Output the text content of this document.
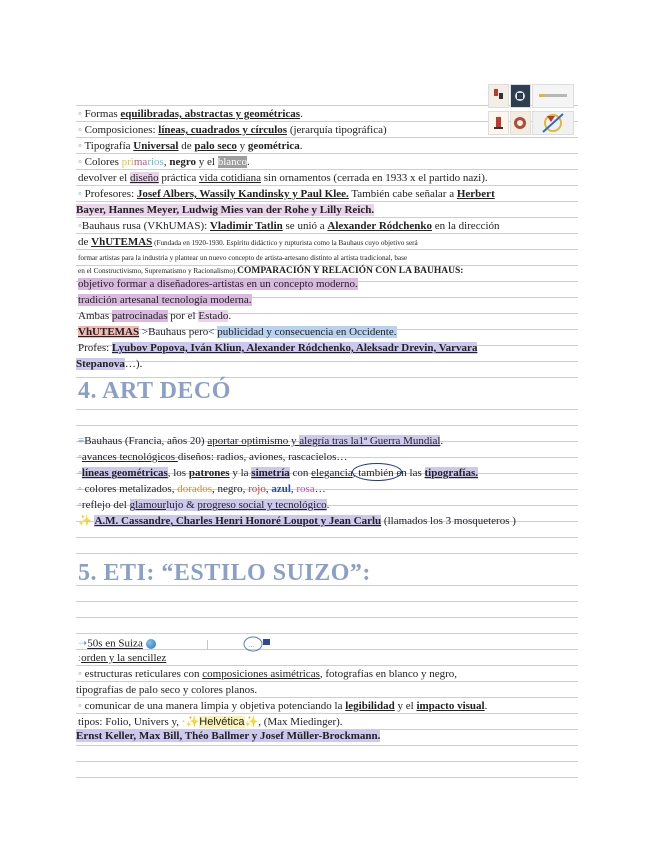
◦ Formas equilibradas, abstractas y geométricas.
◦ Composiciones: líneas, cuadrados y círculos (jerarquía tipográfica)
◦ Tipografía Universal de palo seco y geométrica.
◦ Colores primarios, negro y el blanco.
devolver el diseño práctica vida cotidiana sin ornamentos (cerrada en 1933 x el partido nazi).
◦ Profesores: Josef Albers, Wassily Kandinsky y Paul Klee. También cabe señalar a Herbert
Bayer, Hannes Meyer, Ludwig Mies van der Rohe y Lilly Reich.
◦Bauhaus rusa (VKhUMAS): Vladimir Tatlin se unió a Alexander Ródchenko en la dirección
de VhUTEMAS (Fundada en 1920-1930. Espíritu didáctico y rupturista como la Bauhaus cuyo objetivo será
formar artistas para la industria y plantear un nuevo concepto de artista-artesano distinto al artista tradicional, base
en el Constructivismo, Suprematismo y Racionalismo).COMPARACIÓN Y RELACIÓN CON LA BAUHAUS:
objetivo formar a diseñadores-artistas en un concepto moderno.
tradición artesanal tecnología moderna.
Ambas patrocinadas por el Estado.
VhUTEMAS >Bauhaus pero< publicidad y consecuencia en Occidente.
Profes: Lyubov Popova, Iván Kliun, Alexander Ródchenko, Aleksadr Drevin, Varvara
Stepanova…).
4. ART DECÓ
≡Bauhaus (Francia, años 20) aportar optimismo y alegría tras la1ª Guerra Mundial.
◦avances tecnológicos diseños: radios, aviones, rascacielos…
◦líneas geométricas, los patrones y la simetría con elegancia, también en las tipografías.
◦ colores metalizados, dorados, negro, rojo, azul, rosa…
◦reflejo del glamourlujo & progreso social y tecnológico.
✨ A.M. Cassandre, Charles Henri Honoré Loupot y Jean Carlu (llamados los 3 mosqueteros )
5. ETI: “ESTILO SUIZO”:
➝50s en Suiza	|	…
:orden y la sencillez
◦ estructuras reticulares con composiciones asimétricas, fotografías en blanco y negro,
tipografías de palo seco y colores planos.
◦ comunicar de una manera limpia y objetiva potenciando la legibilidad y el impacto visual.
tipos: Folio, Univers y, ⋅✨Helvética✨, (Max Miedinger).
Ernst Keller, Max Bill, Théo Ballmer y Josef Müller-Brockmann.
